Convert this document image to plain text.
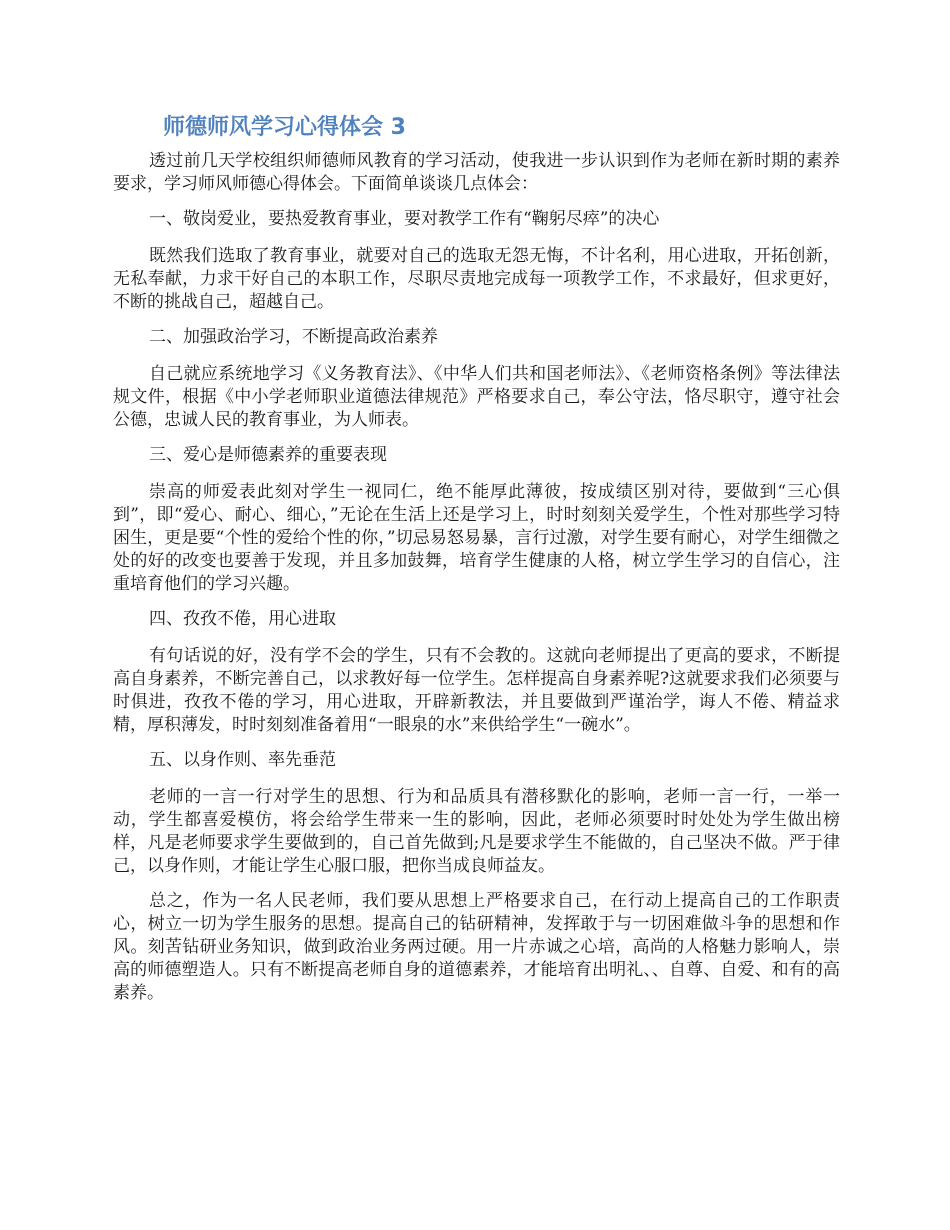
师德师风学习心得体会 3

透过前几天学校组织师德师风教育的学习活动，使我进一步认识到作为老师在新时期的素养要求，学习师风师德心得体会。下面简单谈谈几点体会：

一、敬岗爱业，要热爱教育事业，要对教学工作有“鞠躬尽瘁”的决心

既然我们选取了教育事业，就要对自己的选取无怨无悔，不计名利，用心进取，开拓创新，无私奉献，力求干好自己的本职工作，尽职尽责地完成每一项教学工作，不求最好，但求更好，不断的挑战自己，超越自己。

二、加强政治学习，不断提高政治素养

自己就应系统地学习《义务教育法》、《中华人们共和国老师法》、《老师资格条例》等法律法规文件，根据《中小学老师职业道德法律规范》严格要求自己，奉公守法，恪尽职守，遵守社会公德，忠诚人民的教育事业，为人师表。

三、爱心是师德素养的重要表现

崇高的师爱表此刻对学生一视同仁，绝不能厚此薄彼，按成绩区别对待，要做到“三心俱到”，即“爱心、耐心、细心，”无论在生活上还是学习上，时时刻刻关爱学生，个性对那些学习特困生，更是要“个性的爱给个性的你，”切忌易怒易暴，言行过激，对学生要有耐心，对学生细微之处的好的改变也要善于发现，并且多加鼓舞，培育学生健康的人格，树立学生学习的自信心，注重培育他们的学习兴趣。

四、孜孜不倦，用心进取

有句话说的好，没有学不会的学生，只有不会教的。这就向老师提出了更高的要求，不断提高自身素养，不断完善自己，以求教好每一位学生。怎样提高自身素养呢?这就要求我们必须要与时俱进，孜孜不倦的学习，用心进取，开辟新教法，并且要做到严谨治学，诲人不倦、精益求精，厚积薄发，时时刻刻准备着用“一眼泉的水”来供给学生“一碗水”。

五、以身作则、率先垂范

老师的一言一行对学生的思想、行为和品质具有潜移默化的影响，老师一言一行，一举一动，学生都喜爱模仿，将会给学生带来一生的影响，因此，老师必须要时时处处为学生做出榜样，凡是老师要求学生要做到的，自己首先做到;凡是要求学生不能做的，自己坚决不做。严于律己，以身作则，才能让学生心服口服，把你当成良师益友。

总之，作为一名人民老师，我们要从思想上严格要求自己，在行动上提高自己的工作职责心，树立一切为学生服务的思想。提高自己的钻研精神，发挥敢于与一切困难做斗争的思想和作风。刻苦钻研业务知识，做到政治业务两过硬。用一片赤诚之心培，高尚的人格魅力影响人，崇高的师德塑造人。只有不断提高老师自身的道德素养，才能培育出明礼、、自尊、自爱、和有的高素养。
